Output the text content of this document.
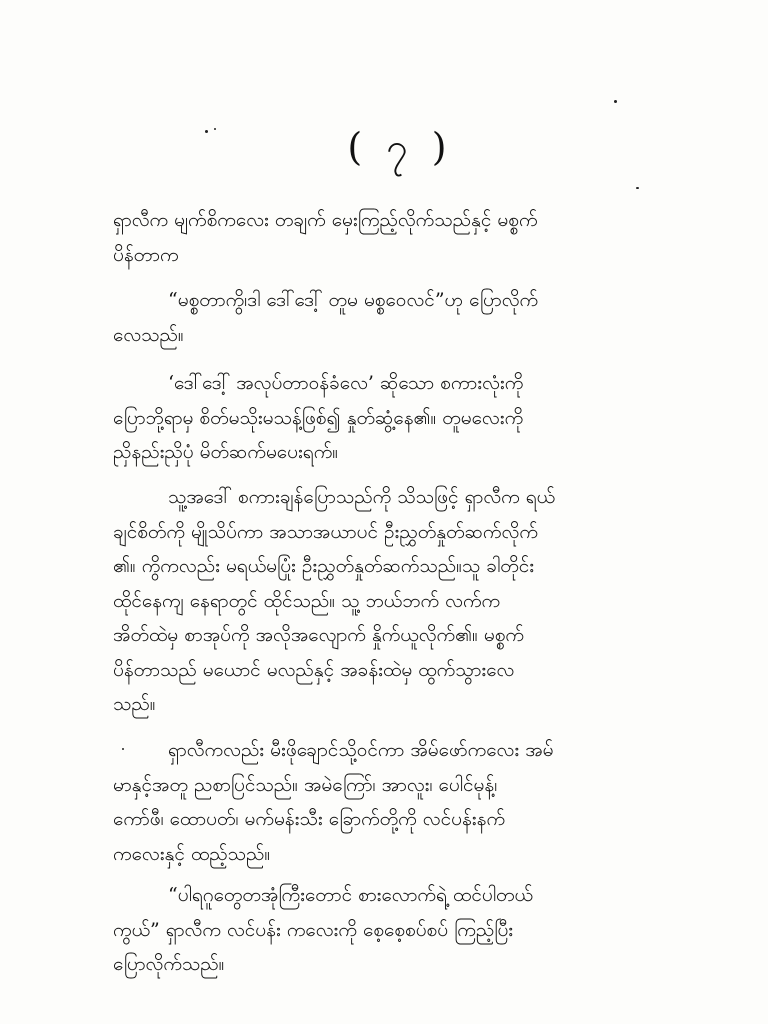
( ၇ )
ရှာလီက မျက်စိကလေး တချက် မှေးကြည့်လိုက်သည်နှင့် မစ္စက်
ပိန်တာက
“မစ္စတာကွိ၊ဒါ ဒေါ်ဒေါ့် တူမ မစ္စဝေလင်”ဟု ပြောလိုက်
လေသည်။
‘ဒေါ်ဒေါ့် အလုပ်တာဝန်ခံလေ’ ဆိုသော စကားလုံးကို
ပြောဘို့ရာမှ စိတ်မသိုးမသန့်ဖြစ်၍ နှုတ်ဆွံ့နေ၏။ တူမလေးကို
ညှိနည်းညှိပုံ မိတ်ဆက်မပေးရက်။
သူ့အဒေါ် စကားချန်ပြောသည်ကို သိသဖြင့် ရှာလီက ရယ်
ချင်စိတ်ကို မျိုသိပ်ကာ အသာအယာပင် ဦးညွှတ်နှုတ်ဆက်လိုက်
၏။ ကွိကလည်း မရယ်မပြုံး ဦးညွှတ်နှုတ်ဆက်သည်။သူ ခါတိုင်း
ထိုင်နေကျ နေရာတွင် ထိုင်သည်။ သူ့ ဘယ်ဘက် လက်က
အိတ်ထဲမှ စာအုပ်ကို အလိုအလျောက် နှိုက်ယူလိုက်၏။ မစ္စက်
ပိန်တာသည် မယောင် မလည်နှင့် အခန်းထဲမှ ထွက်သွားလေ
သည်။
ရှာလီကလည်း မီးဖိုချောင်သို့ဝင်ကာ အိမ်ဖော်ကလေး အမ်
မာနှင့်အတူ ညစာပြင်သည်။ အမဲကြော်၊ အာလူး၊ ပေါင်မုန့်၊
ကော်ဖီ၊ ထောပတ်၊ မက်မန်းသီး ခြောက်တို့ကို လင်ပန်းနက်
ကလေးနှင့် ထည့်သည်။
“ပါရဂူတွေတအုံကြီးတောင် စားလောက်ရဲ့ ထင်ပါတယ်
ကွယ်” ရှာလီက လင်ပန်း ကလေးကို စေ့စေ့စပ်စပ် ကြည့်ပြီး
ပြောလိုက်သည်။
